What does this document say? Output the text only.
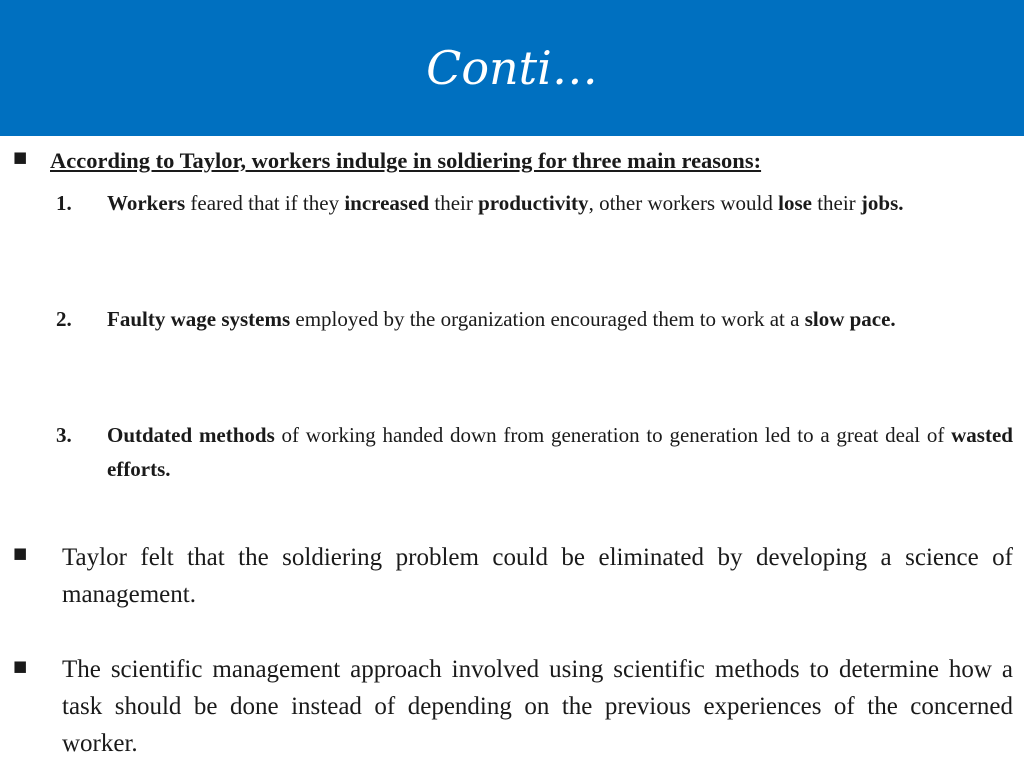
Conti…
■ According to Taylor, workers indulge in soldiering for three main reasons:
1. Workers feared that if they increased their productivity, other workers would lose their jobs.
2. Faulty wage systems employed by the organization encouraged them to work at a slow pace.
3. Outdated methods of working handed down from generation to generation led to a great deal of wasted efforts.
■ Taylor felt that the soldiering problem could be eliminated by developing a science of management.
■ The scientific management approach involved using scientific methods to determine how a task should be done instead of depending on the previous experiences of the concerned worker.
